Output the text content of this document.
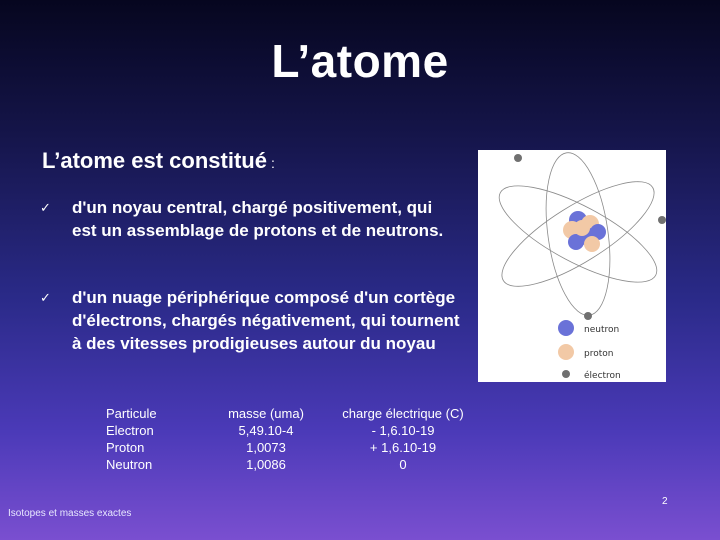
L’atome
L’atome est constitué :
✓ d'un noyau central, chargé positivement, qui est un assemblage de protons et de neutrons.
✓ d'un nuage périphérique composé d'un cortège d'électrons, chargés négativement, qui tournent à des vitesses prodigieuses autour du noyau
neutron
proton
électron
Particule
Electron
Proton
Neutron
masse (uma)
5,49.10-4
1,0073
1,0086
charge électrique (C)
- 1,6.10-19
+ 1,6.10-19
0
Isotopes et masses exactes
2
